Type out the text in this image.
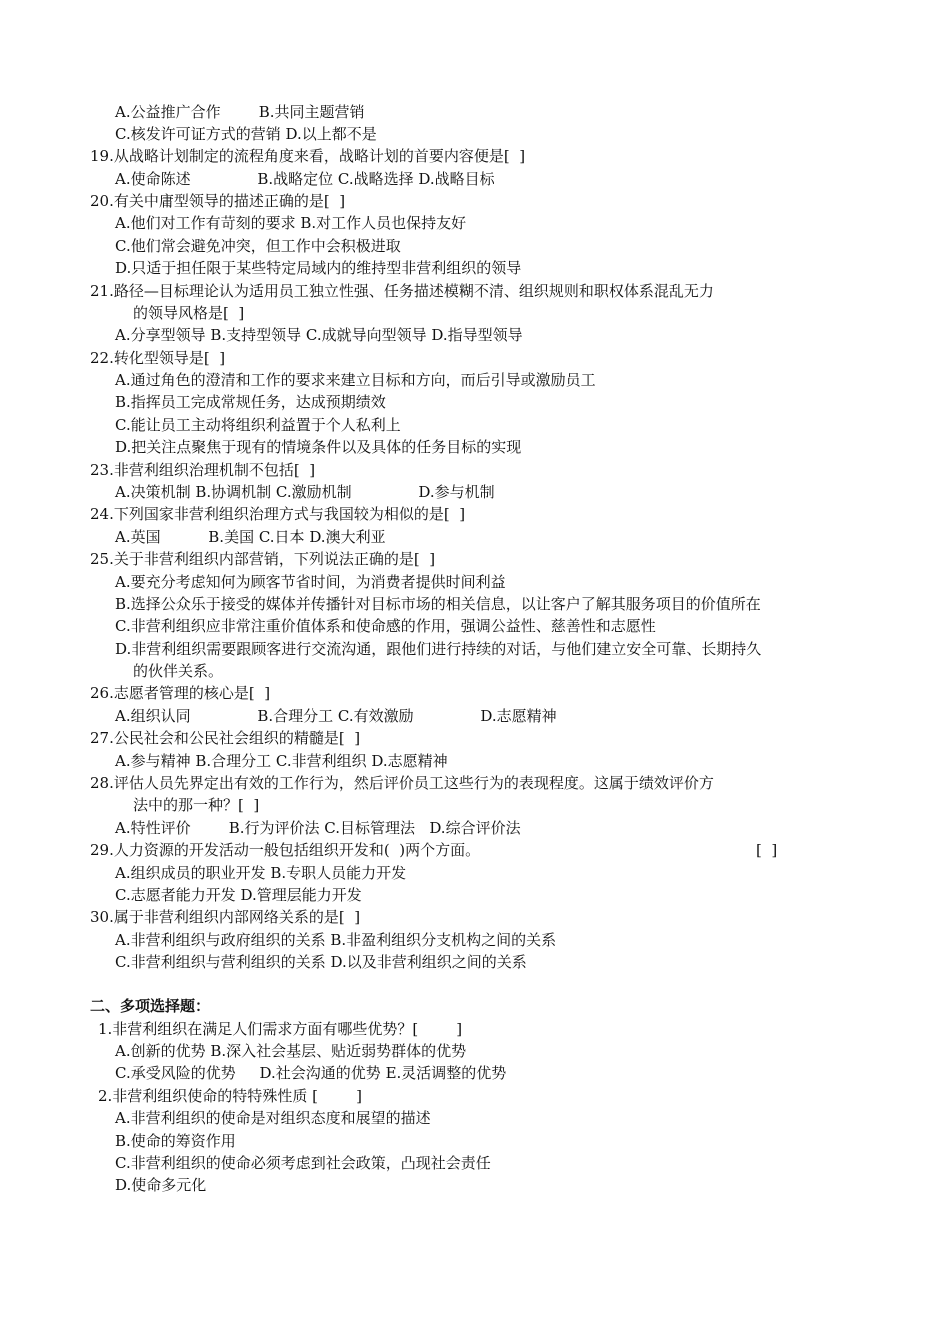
A.公益推广合作        B.共同主题营销
C.核发许可证方式的营销 D.以上都不是
19.从战略计划制定的流程角度来看，战略计划的首要内容便是[  ]
A.使命陈述              B.战略定位 C.战略选择 D.战略目标
20.有关中庸型领导的描述正确的是[  ]
A.他们对工作有苛刻的要求 B.对工作人员也保持友好
C.他们常会避免冲突，但工作中会积极进取
D.只适于担任限于某些特定局域内的维持型非营利组织的领导
21.路径—目标理论认为适用员工独立性强、任务描述模糊不清、组织规则和职权体系混乱无力
的领导风格是[  ]
A.分享型领导 B.支持型领导 C.成就导向型领导 D.指导型领导
22.转化型领导是[  ]
A.通过角色的澄清和工作的要求来建立目标和方向，而后引导或激励员工
B.指挥员工完成常规任务，达成预期绩效
C.能让员工主动将组织利益置于个人私利上
D.把关注点聚焦于现有的情境条件以及具体的任务目标的实现
23.非营利组织治理机制不包括[  ]
A.决策机制 B.协调机制 C.激励机制              D.参与机制
24.下列国家非营利组织治理方式与我国较为相似的是[  ]
A.英国          B.美国 C.日本 D.澳大利亚
25.关于非营利组织内部营销，下列说法正确的是[  ]
A.要充分考虑知何为顾客节省时间，为消费者提供时间利益
B.选择公众乐于接受的媒体并传播针对目标市场的相关信息，以让客户了解其服务项目的价值所在
C.非营利组织应非常注重价值体系和使命感的作用，强调公益性、慈善性和志愿性
D.非营利组织需要跟顾客进行交流沟通，跟他们进行持续的对话，与他们建立安全可靠、长期持久
的伙伴关系。
26.志愿者管理的核心是[  ]
A.组织认同              B.合理分工 C.有效激励              D.志愿精神
27.公民社会和公民社会组织的精髓是[  ]
A.参与精神 B.合理分工 C.非营利组织 D.志愿精神
28.评估人员先界定出有效的工作行为，然后评价员工这些行为的表现程度。这属于绩效评价方
法中的那一种？[  ]
A.特性评价        B.行为评价法 C.目标管理法   D.综合评价法
29.人力资源的开发活动一般包括组织开发和(  )两个方面。	[  ]
A.组织成员的职业开发 B.专职人员能力开发
C.志愿者能力开发 D.管理层能力开发
30.属于非营利组织内部网络关系的是[  ]
A.非营利组织与政府组织的关系 B.非盈利组织分支机构之间的关系
C.非营利组织与营利组织的关系 D.以及非营利组织之间的关系
二、多项选择题：
1.非营利组织在满足人们需求方面有哪些优势？[        ]
A.创新的优势 B.深入社会基层、贴近弱势群体的优势
C.承受风险的优势     D.社会沟通的优势 E.灵活调整的优势
2.非营利组织使命的特特殊性质 [        ]
A.非营利组织的使命是对组织态度和展望的描述
B.使命的筹资作用
C.非营利组织的使命必须考虑到社会政策，凸现社会责任
D.使命多元化
